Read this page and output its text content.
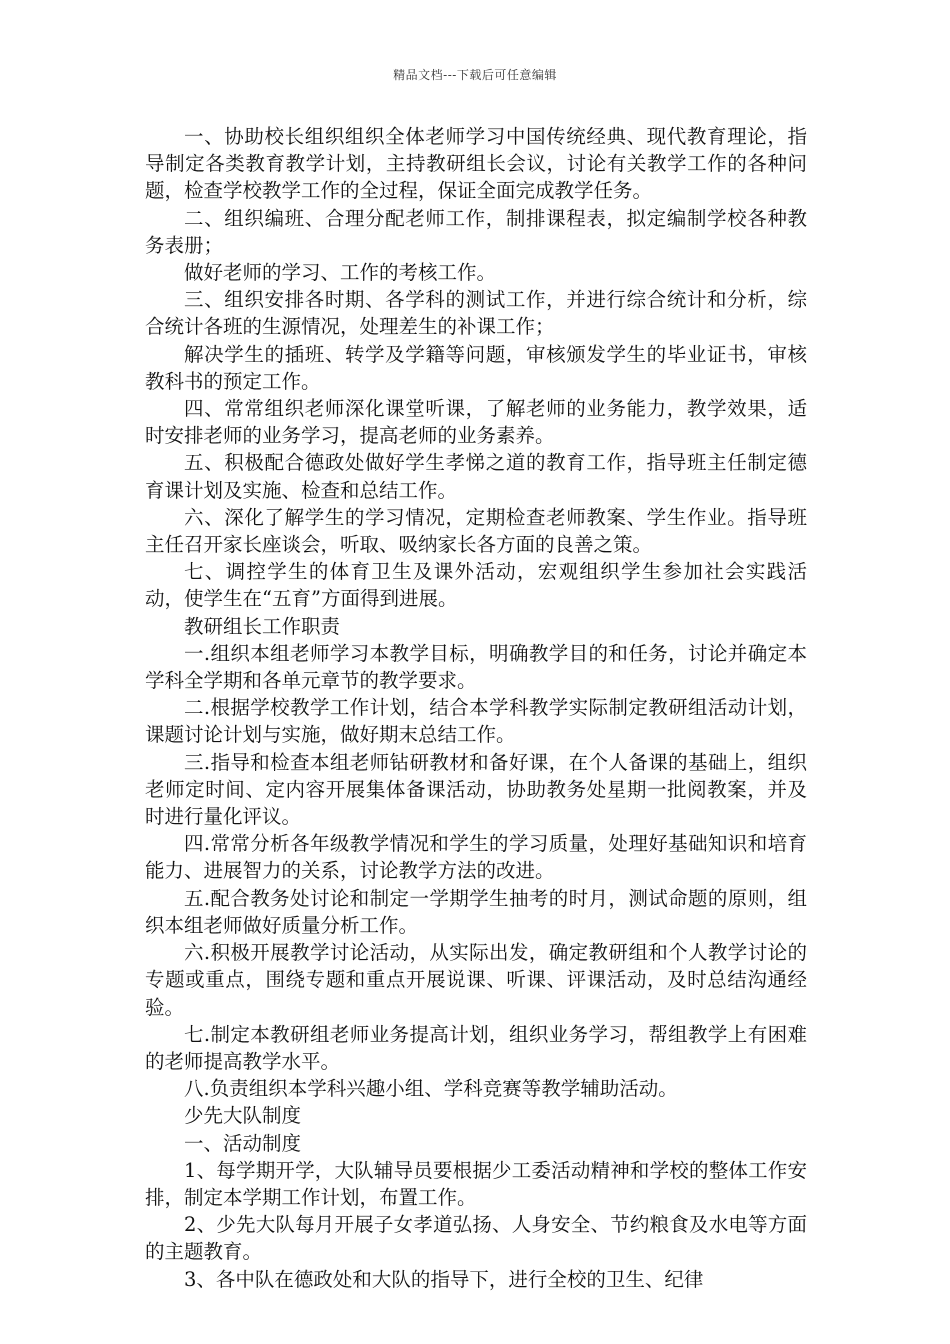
精品文档---下载后可任意编辑

一、协助校长组织组织全体老师学习中国传统经典、现代教育理论，指导制定各类教育教学计划，主持教研组长会议，讨论有关教学工作的各种问题，检查学校教学工作的全过程，保证全面完成教学任务。

二、组织编班、合理分配老师工作，制排课程表，拟定编制学校各种教务表册；

做好老师的学习、工作的考核工作。

三、组织安排各时期、各学科的测试工作，并进行综合统计和分析，综合统计各班的生源情况，处理差生的补课工作；

解决学生的插班、转学及学籍等问题，审核颁发学生的毕业证书，审核教科书的预定工作。

四、常常组织老师深化课堂听课，了解老师的业务能力，教学效果，适时安排老师的业务学习，提高老师的业务素养。

五、积极配合德政处做好学生孝悌之道的教育工作，指导班主任制定德育课计划及实施、检查和总结工作。

六、深化了解学生的学习情况，定期检查老师教案、学生作业。指导班主任召开家长座谈会，听取、吸纳家长各方面的良善之策。

七、调控学生的体育卫生及课外活动，宏观组织学生参加社会实践活动，使学生在“五育”方面得到进展。

教研组长工作职责

一.组织本组老师学习本教学目标，明确教学目的和任务，讨论并确定本学科全学期和各单元章节的教学要求。

二.根据学校教学工作计划，结合本学科教学实际制定教研组活动计划，课题讨论计划与实施，做好期末总结工作。

三.指导和检查本组老师钻研教材和备好课，在个人备课的基础上，组织老师定时间、定内容开展集体备课活动，协助教务处星期一批阅教案，并及时进行量化评议。

四.常常分析各年级教学情况和学生的学习质量，处理好基础知识和培育能力、进展智力的关系，讨论教学方法的改进。

五.配合教务处讨论和制定一学期学生抽考的时月，测试命题的原则，组织本组老师做好质量分析工作。

六.积极开展教学讨论活动，从实际出发，确定教研组和个人教学讨论的专题或重点，围绕专题和重点开展说课、听课、评课活动，及时总结沟通经验。

七.制定本教研组老师业务提高计划，组织业务学习，帮组教学上有困难的老师提高教学水平。

八.负责组织本学科兴趣小组、学科竞赛等教学辅助活动。

少先大队制度

一、活动制度

1、每学期开学，大队辅导员要根据少工委活动精神和学校的整体工作安排，制定本学期工作计划，布置工作。

2、少先大队每月开展子女孝道弘扬、人身安全、节约粮食及水电等方面的主题教育。

3、各中队在德政处和大队的指导下，进行全校的卫生、纪律
